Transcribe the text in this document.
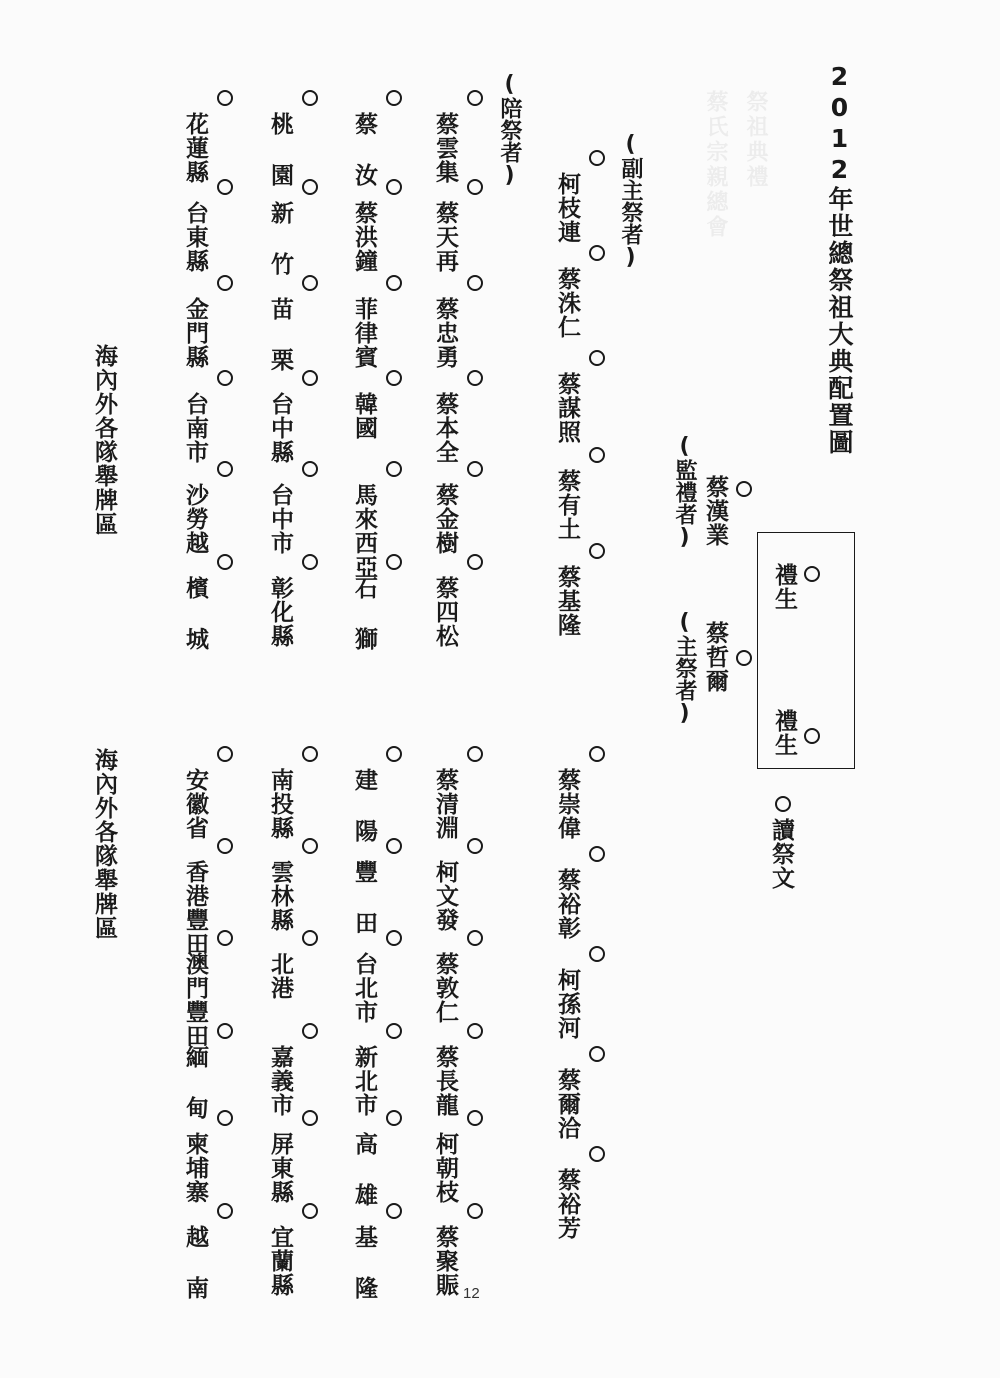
蔡氏宗親總會 祭祖典禮 2012年世總祭祖大典配置圖
蔡漢業
(監禮者)
禮生
禮生
蔡哲爾
(主祭者)
讀祭文
(副主祭者)
(陪祭者)
柯枝連
蔡洙仁
蔡謀照
蔡有土
蔡基隆
蔡雲集
蔡天再
蔡忠勇
蔡本全
蔡金樹
蔡四松
蔡 汝
蔡洪鐘
菲律賓
韓國
馬來西亞
石 獅
桃 園
新 竹
苗 栗
台中縣
台中市
彰化縣
花蓮縣
台東縣
金門縣
台南市
沙勞越
檳 城
蔡崇偉
蔡裕彰
柯孫河
蔡爾洽
蔡裕芳
蔡清淵
柯文發
蔡敦仁
蔡長龍
柯朝枝
蔡聚賑
建 陽
豐 田
台北市
新北市
高 雄
基 隆
南投縣
雲林縣
北港
嘉義市
屏東縣
宜蘭縣
安徽省
香港豐田
澳門豐田
緬 甸
柬埔寨
越 南
海內外各隊舉牌區
海內外各隊舉牌區
12
